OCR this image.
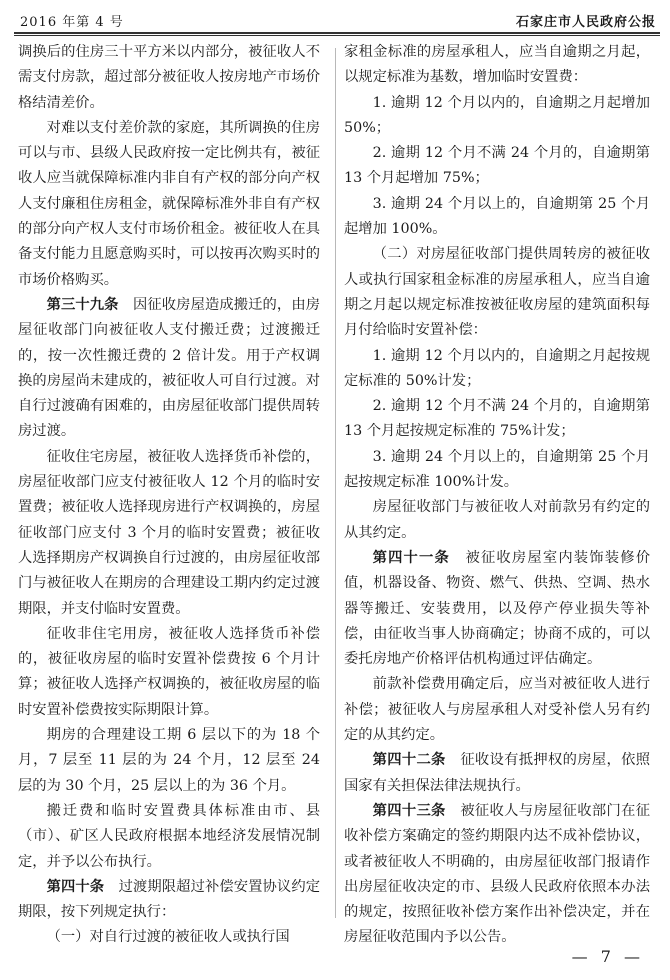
2016 年第 4 号	石家庄市人民政府公报

调换后的住房三十平方米以内部分，被征收人不需支付房款，超过部分被征收人按房地产市场价格结清差价。

对难以支付差价款的家庭，其所调换的住房可以与市、县级人民政府按一定比例共有，被征收人应当就保障标准内非自有产权的部分向产权人支付廉租住房租金，就保障标准外非自有产权的部分向产权人支付市场价租金。被征收人在具备支付能力且愿意购买时，可以按再次购买时的市场价格购买。

第三十九条　 因征收房屋造成搬迁的，由房屋征收部门向被征收人支付搬迁费；过渡搬迁的，按一次性搬迁费的 2 倍计发。用于产权调换的房屋尚未建成的，被征收人可自行过渡。对自行过渡确有困难的，由房屋征收部门提供周转房过渡。

征收住宅房屋，被征收人选择货币补偿的，房屋征收部门应支付被征收人 12 个月的临时安置费；被征收人选择现房进行产权调换的，房屋征收部门应支付 3 个月的临时安置费；被征收人选择期房产权调换自行过渡的，由房屋征收部门与被征收人在期房的合理建设工期内约定过渡期限，并支付临时安置费。

征收非住宅用房，被征收人选择货币补偿的，被征收房屋的临时安置补偿费按 6 个月计算；被征收人选择产权调换的，被征收房屋的临时安置补偿费按实际期限计算。

期房的合理建设工期 6 层以下的为 18 个月，7 层至 11 层的为 24 个月，12 层至 24 层的为 30 个月，25 层以上的为 36 个月。

搬迁费和临时安置费具体标准由市、县（市）、矿区人民政府根据本地经济发展情况制定，并予以公布执行。

第四十条　 过渡期限超过补偿安置协议约定期限，按下列规定执行：

（一）对自行过渡的被征收人或执行国

家租金标准的房屋承租人，应当自逾期之月起，以规定标准为基数，增加临时安置费：

1. 逾期 12 个月以内的，自逾期之月起增加 50%；

2. 逾期 12 个月不满 24 个月的，自逾期第 13 个月起增加 75%；

3. 逾期 24 个月以上的，自逾期第 25 个月起增加 100%。

（二）对房屋征收部门提供周转房的被征收人或执行国家租金标准的房屋承租人，应当自逾期之月起以规定标准按被征收房屋的建筑面积每月付给临时安置补偿：

1. 逾期 12 个月以内的，自逾期之月起按规定标准的 50%计发；

2. 逾期 12 个月不满 24 个月的，自逾期第 13 个月起按规定标准的 75%计发；

3. 逾期 24 个月以上的，自逾期第 25 个月起按规定标准 100%计发。

房屋征收部门与被征收人对前款另有约定的从其约定。

第四十一条　 被征收房屋室内装饰装修价值，机器设备、物资、燃气、供热、空调、热水器等搬迁、安装费用，以及停产停业损失等补偿，由征收当事人协商确定；协商不成的，可以委托房地产价格评估机构通过评估确定。

前款补偿费用确定后，应当对被征收人进行补偿；被征收人与房屋承租人对受补偿人另有约定的从其约定。

第四十二条　 征收设有抵押权的房屋，依照国家有关担保法律法规执行。

第四十三条　 被征收人与房屋征收部门在征收补偿方案确定的签约期限内达不成补偿协议，或者被征收人不明确的，由房屋征收部门报请作出房屋征收决定的市、县级人民政府依照本办法的规定，按照征收补偿方案作出补偿决定，并在房屋征收范围内予以公告。

— 7 —
